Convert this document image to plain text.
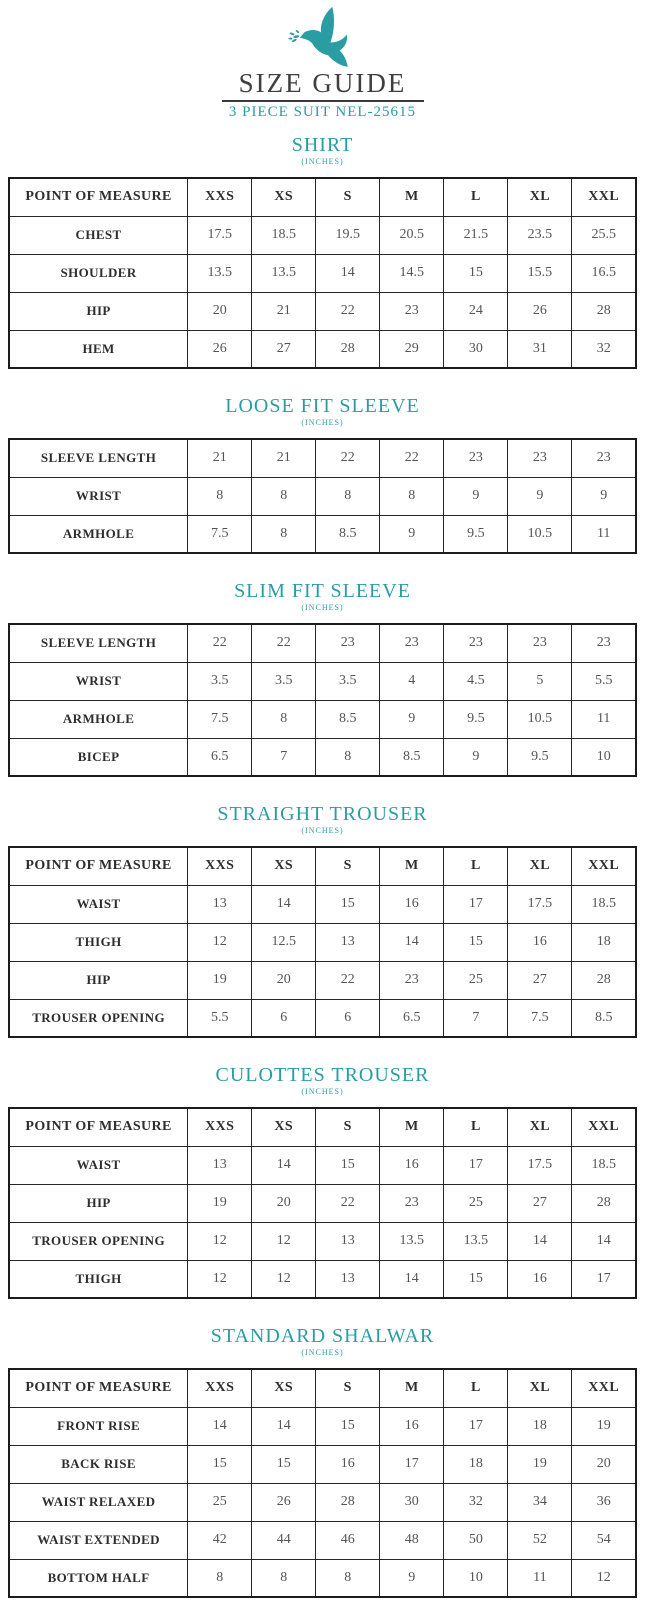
SIZE GUIDE
3 PIECE SUIT NEL-25615
SHIRT
(INCHES)
POINT OF MEASURE	XXS	XS	S	M	L	XL	XXL
CHEST	17.5	18.5	19.5	20.5	21.5	23.5	25.5
SHOULDER	13.5	13.5	14	14.5	15	15.5	16.5
HIP	20	21	22	23	24	26	28
HEM	26	27	28	29	30	31	32
LOOSE FIT SLEEVE
(INCHES)
SLEEVE LENGTH	21	21	22	22	23	23	23
WRIST	8	8	8	8	9	9	9
ARMHOLE	7.5	8	8.5	9	9.5	10.5	11
SLIM FIT SLEEVE
(INCHES)
SLEEVE LENGTH	22	22	23	23	23	23	23
WRIST	3.5	3.5	3.5	4	4.5	5	5.5
ARMHOLE	7.5	8	8.5	9	9.5	10.5	11
BICEP	6.5	7	8	8.5	9	9.5	10
STRAIGHT TROUSER
(INCHES)
POINT OF MEASURE	XXS	XS	S	M	L	XL	XXL
WAIST	13	14	15	16	17	17.5	18.5
THIGH	12	12.5	13	14	15	16	18
HIP	19	20	22	23	25	27	28
TROUSER OPENING	5.5	6	6	6.5	7	7.5	8.5
CULOTTES TROUSER
(INCHES)
POINT OF MEASURE	XXS	XS	S	M	L	XL	XXL
WAIST	13	14	15	16	17	17.5	18.5
HIP	19	20	22	23	25	27	28
TROUSER OPENING	12	12	13	13.5	13.5	14	14
THIGH	12	12	13	14	15	16	17
STANDARD SHALWAR
(INCHES)
POINT OF MEASURE	XXS	XS	S	M	L	XL	XXL
FRONT RISE	14	14	15	16	17	18	19
BACK RISE	15	15	16	17	18	19	20
WAIST RELAXED	25	26	28	30	32	34	36
WAIST EXTENDED	42	44	46	48	50	52	54
BOTTOM HALF	8	8	8	9	10	11	12
